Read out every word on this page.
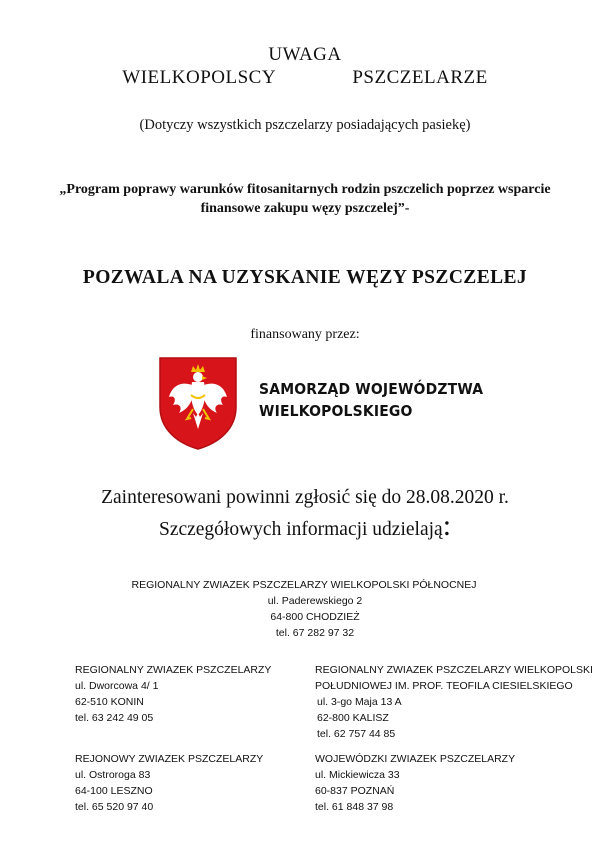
UWAGA
WIELKOPOLSCY    PSZCZELARZE
(Dotyczy wszystkich pszczelarzy posiadających pasiekę)
„Program poprawy warunków fitosanitarnych rodzin pszczelich poprzez wsparcie finansowe zakupu węzy pszczelej”-
POZWALA NA UZYSKANIE WĘZY PSZCZELEJ
finansowany przez:
SAMORZĄD WOJEWÓDZTWA
WIELKOPOLSKIEGO
Zainteresowani powinni zgłosić się do 28.08.2020 r.
Szczegółowych informacji udzielają:
REGIONALNY ZWIAZEK PSZCZELARZY WIELKOPOLSKI PÓŁNOCNEJ
ul. Paderewskiego 2
64-800 CHODZIEŻ
tel. 67 282 97 32
REGIONALNY ZWIAZEK PSZCZELARZY
ul. Dworcowa 4/ 1
62-510 KONIN
tel. 63 242 49 05
REGIONALNY ZWIAZEK PSZCZELARZY WIELKOPOLSKI
POŁUDNIOWEJ IM. PROF. TEOFILA CIESIELSKIEGO
ul. 3-go Maja 13 A
62-800 KALISZ
tel. 62 757 44 85
REJONOWY ZWIAZEK PSZCZELARZY
ul. Ostroroga 83
64-100 LESZNO
tel. 65 520 97 40
WOJEWÓDZKI ZWIAZEK PSZCZELARZY
ul. Mickiewicza 33
60-837 POZNAŃ
tel. 61 848 37 98
